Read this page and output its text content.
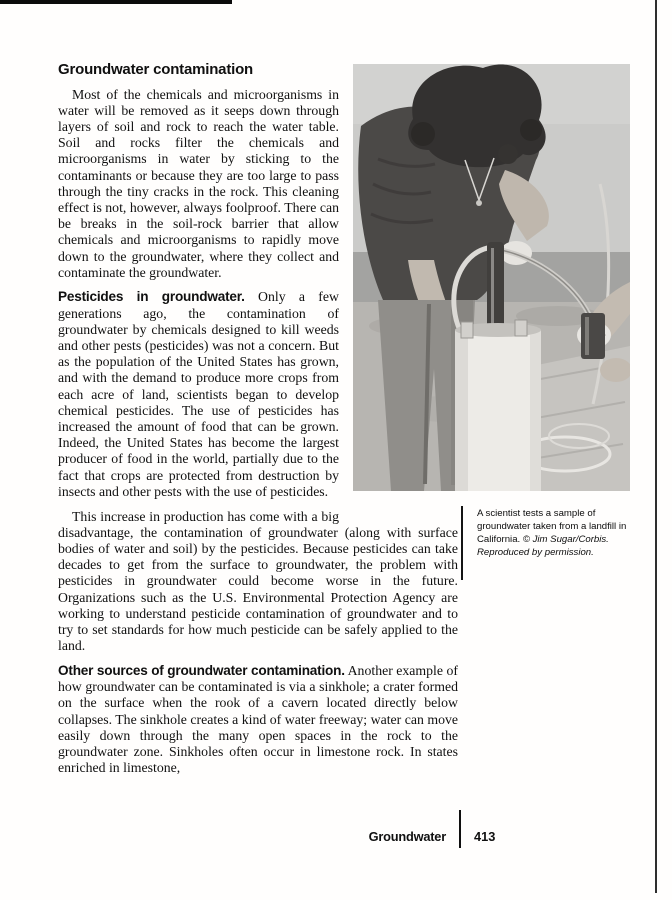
Groundwater contamination

Most of the chemicals and microorganisms in water will be removed as it seeps down through layers of soil and rock to reach the water table. Soil and rocks filter the chemicals and microorganisms in water by sticking to the contaminants or because they are too large to pass through the tiny cracks in the rock. This cleaning effect is not, however, always foolproof. There can be breaks in the soil-rock barrier that allow chemicals and microorganisms to rapidly move down to the groundwater, where they collect and contaminate the groundwater.

Pesticides in groundwater. Only a few generations ago, the contamination of groundwater by chemicals designed to kill weeds and other pests (pesticides) was not a concern. But as the population of the United States has grown, and with the demand to produce more crops from each acre of land, scientists began to develop chemical pesticides. The use of pesticides has increased the amount of food that can be grown. Indeed, the United States has become the largest producer of food in the world, partially due to the fact that crops are protected from destruction by insects and other pests with the use of pesticides.

This increase in production has come with a big disadvantage, the contamination of groundwater (along with surface bodies of water and soil) by the pesticides. Because pesticides can take decades to get from the surface to groundwater, the problem with pesticides in groundwater could become worse in the future. Organizations such as the U.S. Environmental Protection Agency are working to understand pesticide contamination of groundwater and to try to set standards for how much pesticide can be safely applied to the land.

Other sources of groundwater contamination. Another example of how groundwater can be contaminated is via a sinkhole; a crater formed on the surface when the rook of a cavern located directly below collapses. The sinkhole creates a kind of water freeway; water can move easily down through the many open spaces in the rock to the groundwater zone. Sinkholes often occur in limestone rock. In states enriched in limestone,

A scientist tests a sample of groundwater taken from a landfill in California. © Jim Sugar/Corbis. Reproduced by permission.
Groundwater 413
